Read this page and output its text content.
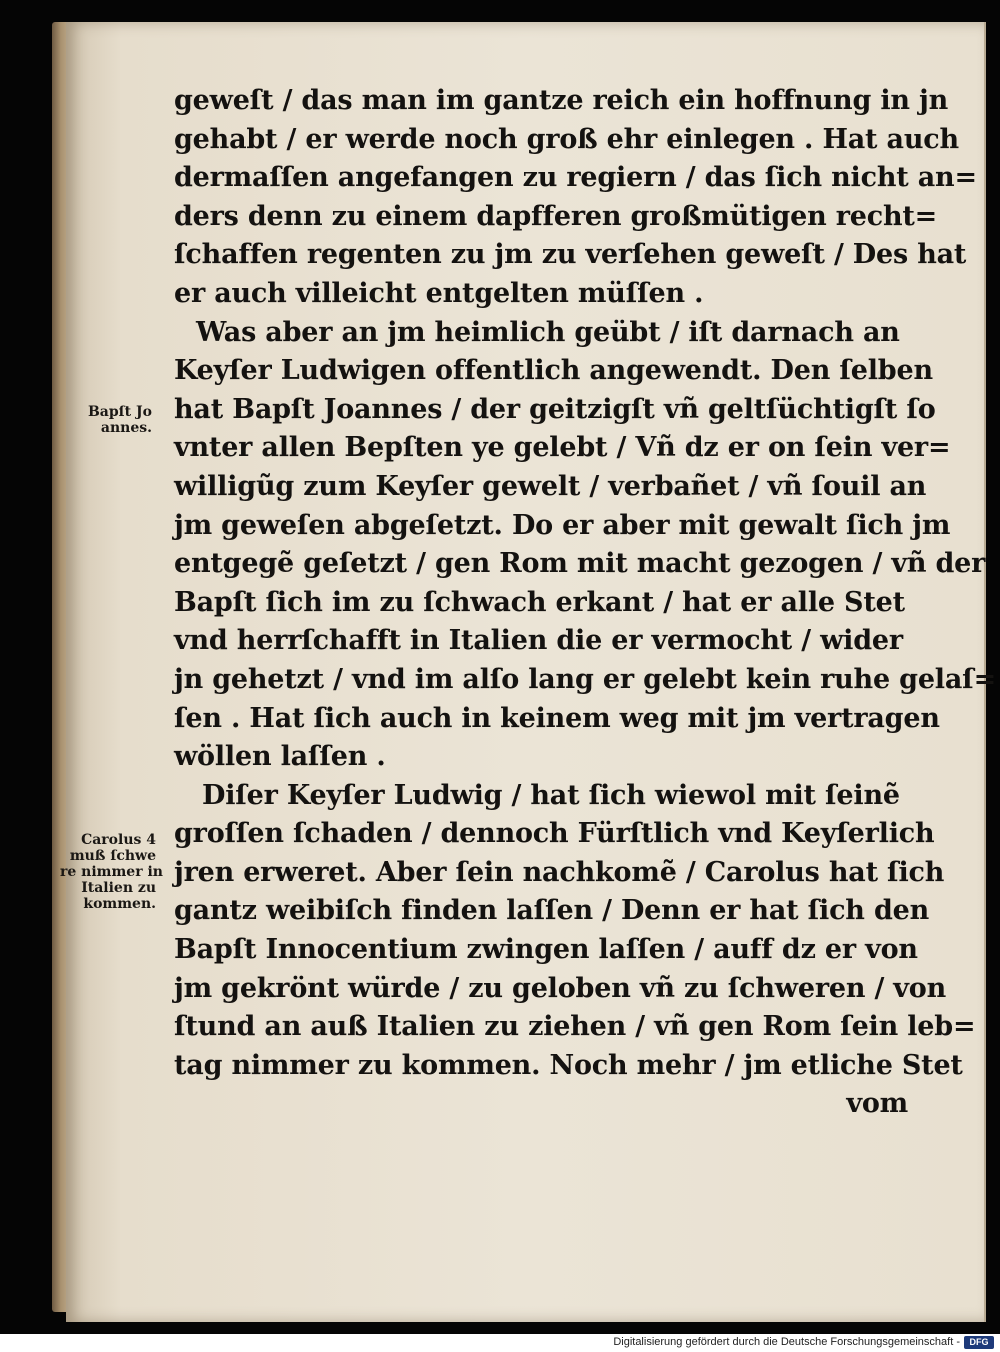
Bapſt Jo
annes.
Carolus 4
muß ſchwe
re nimmer in
Italien zu
kommen.
geweſt / das man im gantze reich ein hoffnung in jn
gehabt / er werde noch groß ehr einlegen . Hat auch
dermaſſen angefangen zu regiern / das ſich nicht an=
ders denn zu einem dapfferen großmütigen recht=
ſchaffen regenten zu jm zu verſehen geweſt / Des hat
er auch villeicht entgelten müſſen .
Was aber an jm heimlich geübt / iſt darnach an
Keyſer Ludwigen offentlich angewendt. Den ſelben
hat Bapſt Joannes / der geitzigſt vñ geltſüchtigſt ſo
vnter allen Bepſten ye gelebt / Vñ dz er on ſein ver=
willigũg zum Keyſer gewelt / verbañet / vñ ſouil an
jm geweſen abgeſetzt. Do er aber mit gewalt ſich jm
entgegẽ geſetzt / gen Rom mit macht gezogen / vñ der
Bapſt ſich im zu ſchwach erkant / hat er alle Stet
vnd herrſchafft in Italien die er vermocht / wider
jn gehetzt / vnd im alſo lang er gelebt kein ruhe gelaſ=
ſen . Hat ſich auch in keinem weg mit jm vertragen
wöllen laſſen .
Diſer Keyſer Ludwig / hat ſich wiewol mit ſeinẽ
groſſen ſchaden / dennoch Fürſtlich vnd Keyſerlich
jren erweret. Aber ſein nachkomẽ / Carolus hat ſich
gantz weibiſch finden laſſen / Denn er hat ſich den
Bapſt Innocentium zwingen laſſen / auff dz er von
jm gekrönt würde / zu geloben vñ zu ſchweren / von
ſtund an auß Italien zu ziehen / vñ gen Rom ſein leb=
tag nimmer zu kommen. Noch mehr / jm etliche Stet
vom
Digitalisierung gefördert durch die Deutsche Forschungsgemeinschaft -	DFG
